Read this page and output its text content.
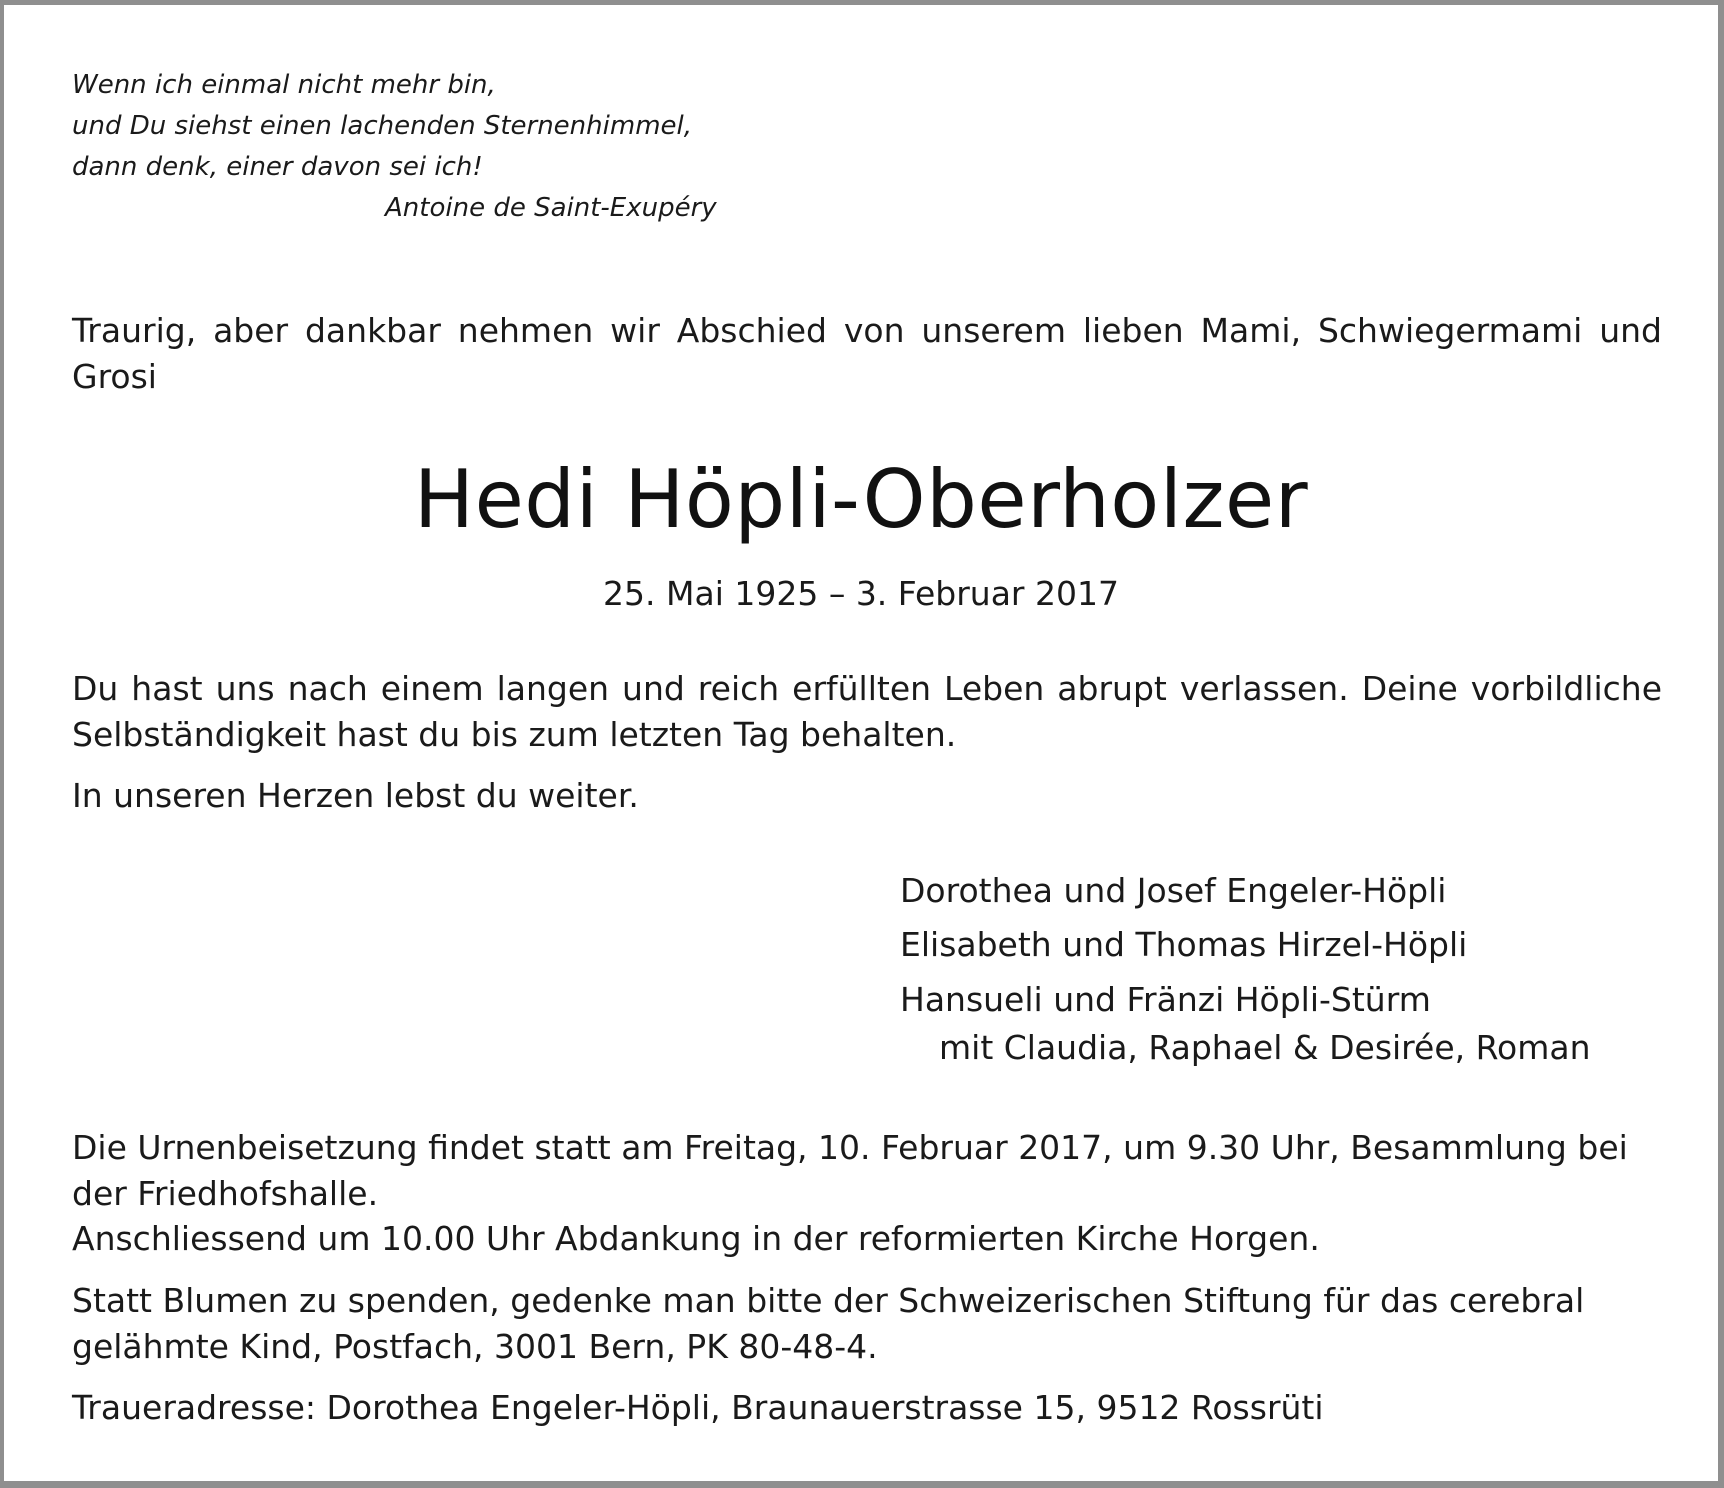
Wenn ich einmal nicht mehr bin,
und Du siehst einen lachenden Sternenhimmel,
dann denk, einer davon sei ich!
Antoine de Saint-Exupéry
Traurig, aber dankbar nehmen wir Abschied von unserem lieben Mami, Schwiegermami und Grosi
Hedi Höpli-Oberholzer
25. Mai 1925 – 3. Februar 2017
Du hast uns nach einem langen und reich erfüllten Leben abrupt verlassen. Deine vorbildliche Selbständigkeit hast du bis zum letzten Tag behalten.
In unseren Herzen lebst du weiter.
Dorothea und Josef Engeler-Höpli
Elisabeth und Thomas Hirzel-Höpli
Hansueli und Fränzi Höpli-Stürm
mit Claudia, Raphael & Desirée, Roman
Die Urnenbeisetzung findet statt am Freitag, 10. Februar 2017, um 9.30 Uhr, Besammlung bei der Friedhofshalle.
Anschliessend um 10.00 Uhr Abdankung in der reformierten Kirche Horgen.
Statt Blumen zu spenden, gedenke man bitte der Schweizerischen Stiftung für das cerebral gelähmte Kind, Postfach, 3001 Bern, PK 80-48-4.
Traueradresse: Dorothea Engeler-Höpli, Braunauerstrasse 15, 9512 Rossrüti
